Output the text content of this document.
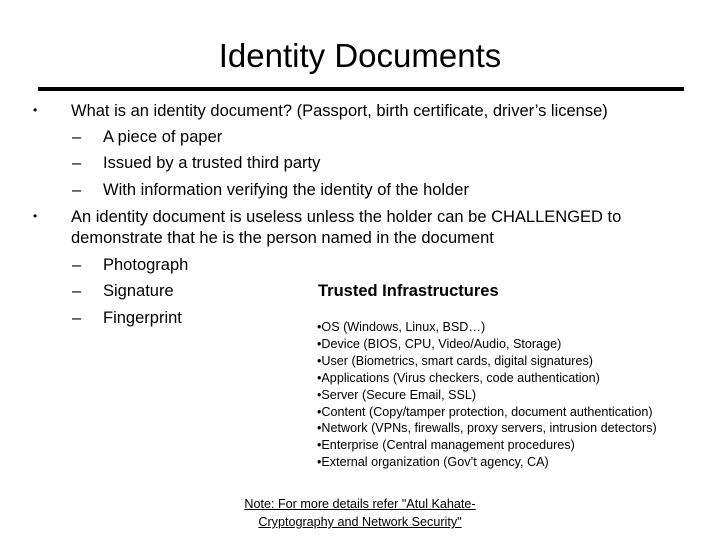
Identity Documents
• What is an identity document? (Passport, birth certificate, driver’s license)
– A piece of paper
– Issued by a trusted third party
– With information verifying the identity of the holder
• An identity document is useless unless the holder can be CHALLENGED to
demonstrate that he is the person named in the document
– Photograph
– Signature
– Fingerprint
Trusted Infrastructures
•OS (Windows, Linux, BSD…)
•Device (BIOS, CPU, Video/Audio, Storage)
•User (Biometrics, smart cards, digital signatures)
•Applications (Virus checkers, code authentication)
•Server (Secure Email, SSL)
•Content (Copy/tamper protection, document authentication)
•Network (VPNs, firewalls, proxy servers, intrusion detectors)
•Enterprise (Central management procedures)
•External organization (Gov’t agency, CA)
Note: For more details refer "Atul Kahate-Cryptography and Network Security"
